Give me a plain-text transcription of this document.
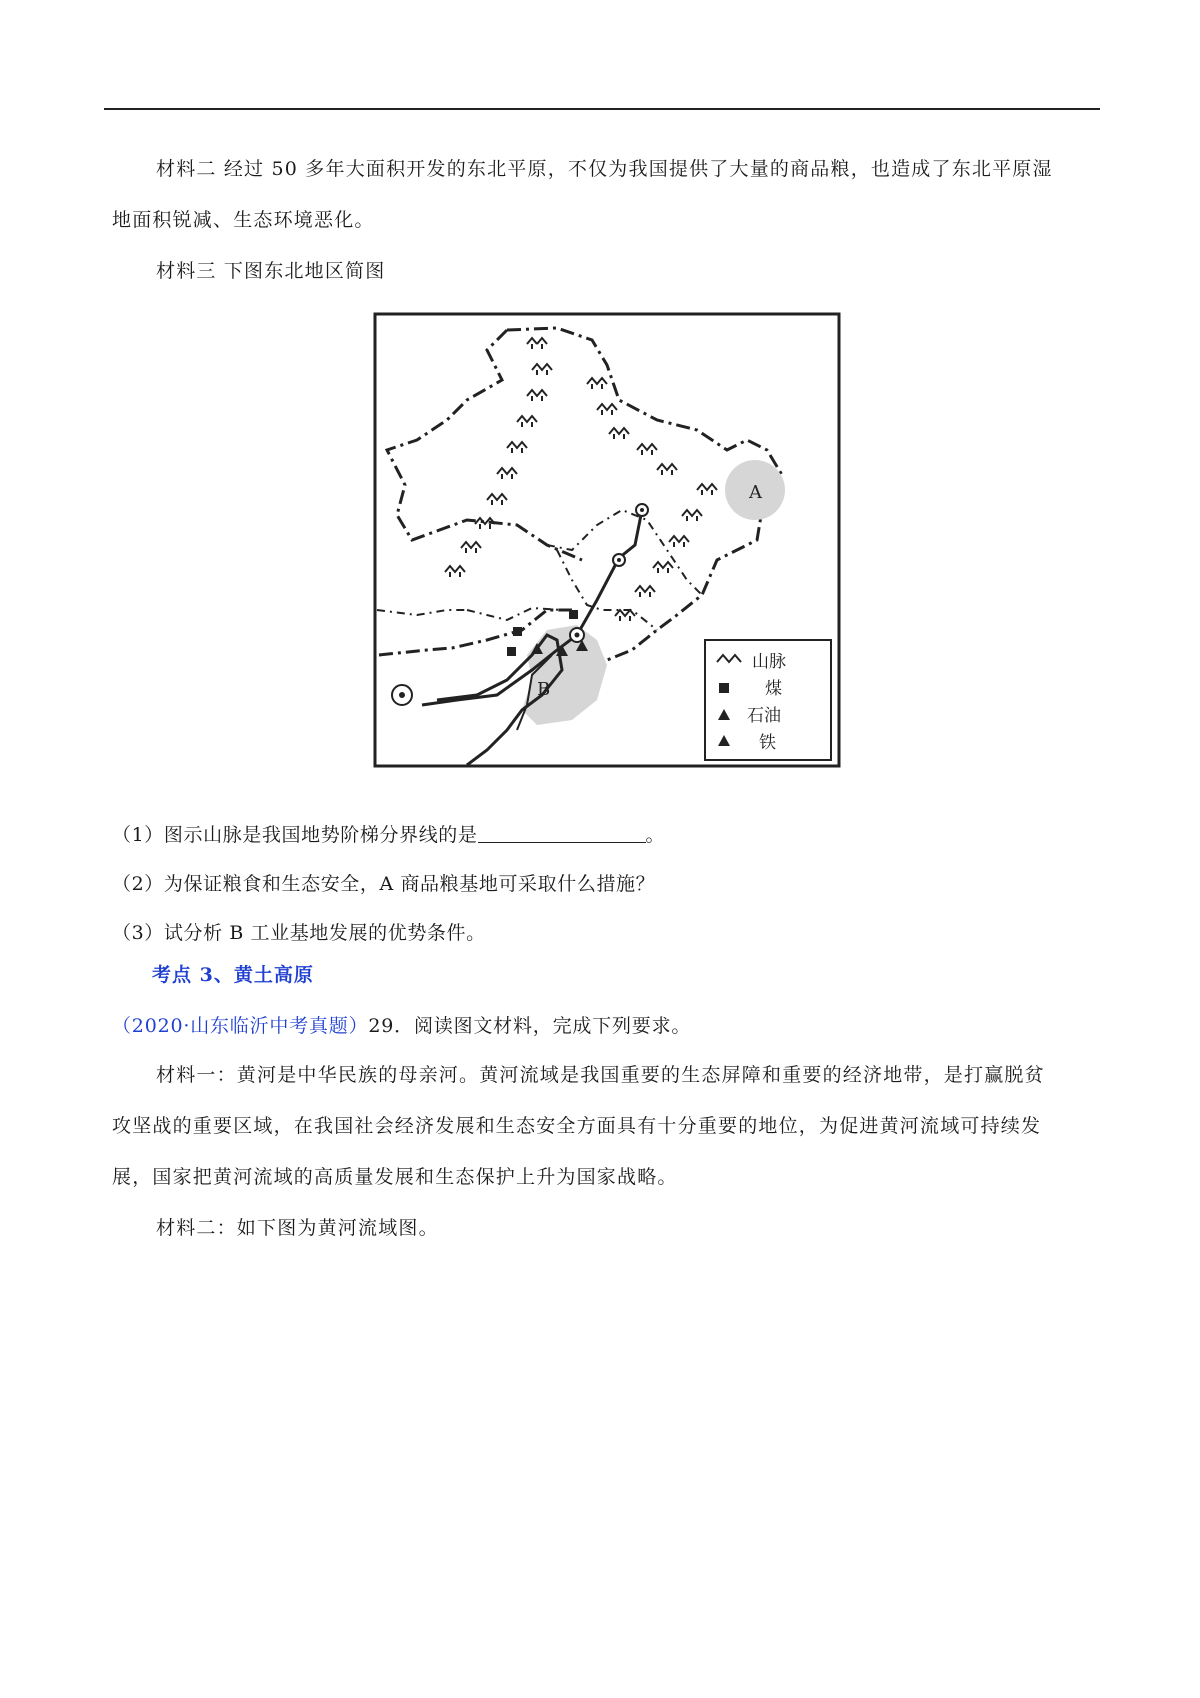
材料二 经过 50 多年大面积开发的东北平原，不仅为我国提供了大量的商品粮，也造成了东北平原湿
地面积锐减、生态环境恶化。
材料三 下图东北地区简图
A
B
山脉
煤
石油
铁
（1）图示山脉是我国地势阶梯分界线的是	。
（2）为保证粮食和生态安全，A 商品粮基地可采取什么措施？
（3）试分析 B 工业基地发展的优势条件。
考点 3、黄土高原
（2020·山东临沂中考真题）29．阅读图文材料，完成下列要求。
材料一：黄河是中华民族的母亲河。黄河流域是我国重要的生态屏障和重要的经济地带，是打赢脱贫
攻坚战的重要区域，在我国社会经济发展和生态安全方面具有十分重要的地位，为促进黄河流域可持续发
展，国家把黄河流域的高质量发展和生态保护上升为国家战略。
材料二：如下图为黄河流域图。
